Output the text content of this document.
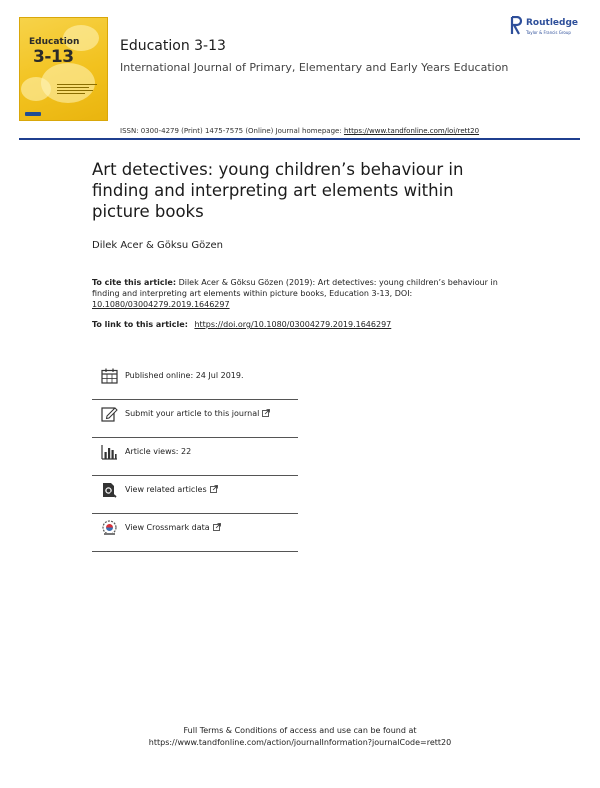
Education
3-13
Education 3-13
International Journal of Primary, Elementary and Early Years Education
Routledge
Taylor & Francis Group
ISSN: 0300-4279 (Print) 1475-7575 (Online) Journal homepage: https://www.tandfonline.com/loi/rett20
Art detectives: young children’s behaviour in finding and interpreting art elements within picture books
Dilek Acer & Göksu Gözen
To cite this article: Dilek Acer & Göksu Gözen (2019): Art detectives: young children’s behaviour in finding and interpreting art elements within picture books, Education 3-13, DOI: 10.1080/03004279.2019.1646297
To link to this article: https://doi.org/10.1080/03004279.2019.1646297
Published online: 24 Jul 2019.
Submit your article to this journal
Article views: 22
View related articles
View Crossmark data
Full Terms & Conditions of access and use can be found at
https://www.tandfonline.com/action/journalInformation?journalCode=rett20
